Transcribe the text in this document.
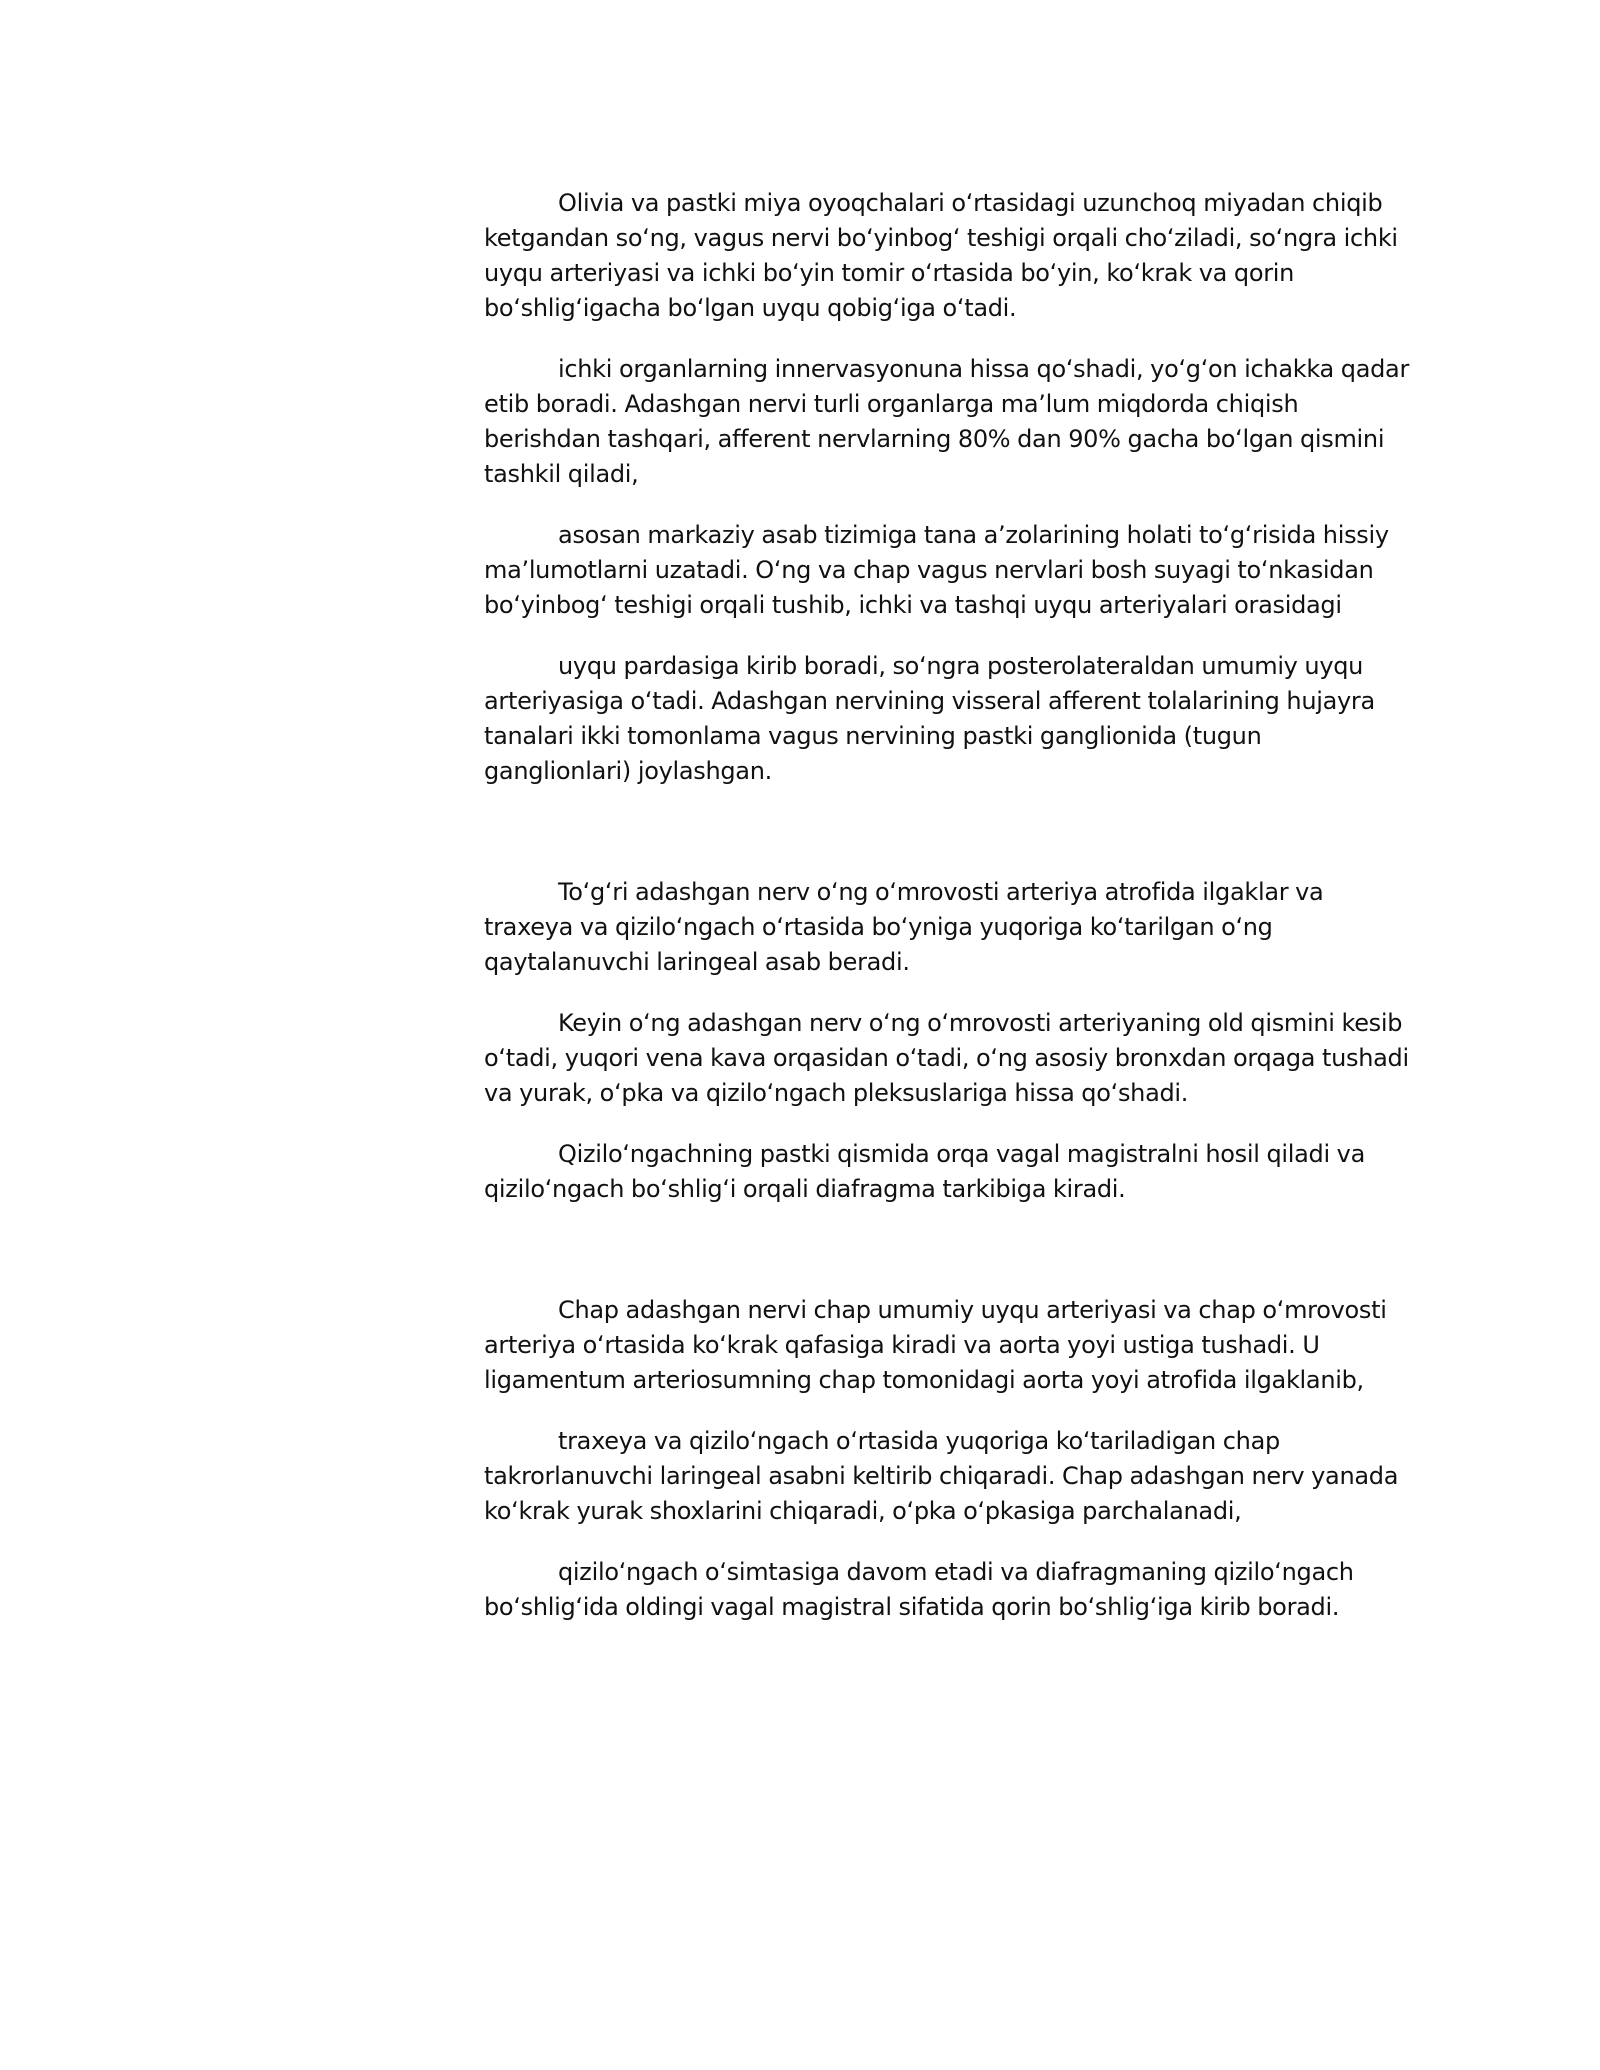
Olivia va pastki miya oyoqchalari oʻrtasidagi uzunchoq miyadan chiqib ketgandan soʻng, vagus nervi boʻyinbogʻ teshigi orqali choʻziladi, soʻngra ichki uyqu arteriyasi va ichki boʻyin tomir oʻrtasida boʻyin, koʻkrak va qorin boʻshligʻigacha boʻlgan uyqu qobigʻiga oʻtadi.

ichki organlarning innervasyonuna hissa qoʻshadi, yoʻgʻon ichakka qadar etib boradi. Adashgan nervi turli organlarga maʼlum miqdorda chiqish berishdan tashqari, afferent nervlarning 80% dan 90% gacha boʻlgan qismini tashkil qiladi,

asosan markaziy asab tizimiga tana aʼzolarining holati toʻgʻrisida hissiy maʼlumotlarni uzatadi. Oʻng va chap vagus nervlari bosh suyagi toʻnkasidan boʻyinbogʻ teshigi orqali tushib, ichki va tashqi uyqu arteriyalari orasidagi

uyqu pardasiga kirib boradi, soʻngra posterolateraldan umumiy uyqu arteriyasiga oʻtadi. Adashgan nervining visseral afferent tolalarining hujayra tanalari ikki tomonlama vagus nervining pastki ganglionida (tugun ganglionlari) joylashgan.

Toʻgʻri adashgan nerv oʻng oʻmrovosti arteriya atrofida ilgaklar va traxeya va qiziloʻngach oʻrtasida boʻyniga yuqoriga koʻtarilgan oʻng qaytalanuvchi laringeal asab beradi.

Keyin oʻng adashgan nerv oʻng oʻmrovosti arteriyaning old qismini kesib oʻtadi, yuqori vena kava orqasidan oʻtadi, oʻng asosiy bronxdan orqaga tushadi va yurak, oʻpka va qiziloʻngach pleksuslariga hissa qoʻshadi.

Qiziloʻngachning pastki qismida orqa vagal magistralni hosil qiladi va qiziloʻngach boʻshligʻi orqali diafragma tarkibiga kiradi.

Chap adashgan nervi chap umumiy uyqu arteriyasi va chap oʻmrovosti arteriya oʻrtasida koʻkrak qafasiga kiradi va aorta yoyi ustiga tushadi. U ligamentum arteriosumning chap tomonidagi aorta yoyi atrofida ilgaklanib,

traxeya va qiziloʻngach oʻrtasida yuqoriga koʻtariladigan chap takrorlanuvchi laringeal asabni keltirib chiqaradi. Chap adashgan nerv yanada koʻkrak yurak shoxlarini chiqaradi, oʻpka oʻpkasiga parchalanadi,

qiziloʻngach oʻsimtasiga davom etadi va diafragmaning qiziloʻngach boʻshligʻida oldingi vagal magistral sifatida qorin boʻshligʻiga kirib boradi.
